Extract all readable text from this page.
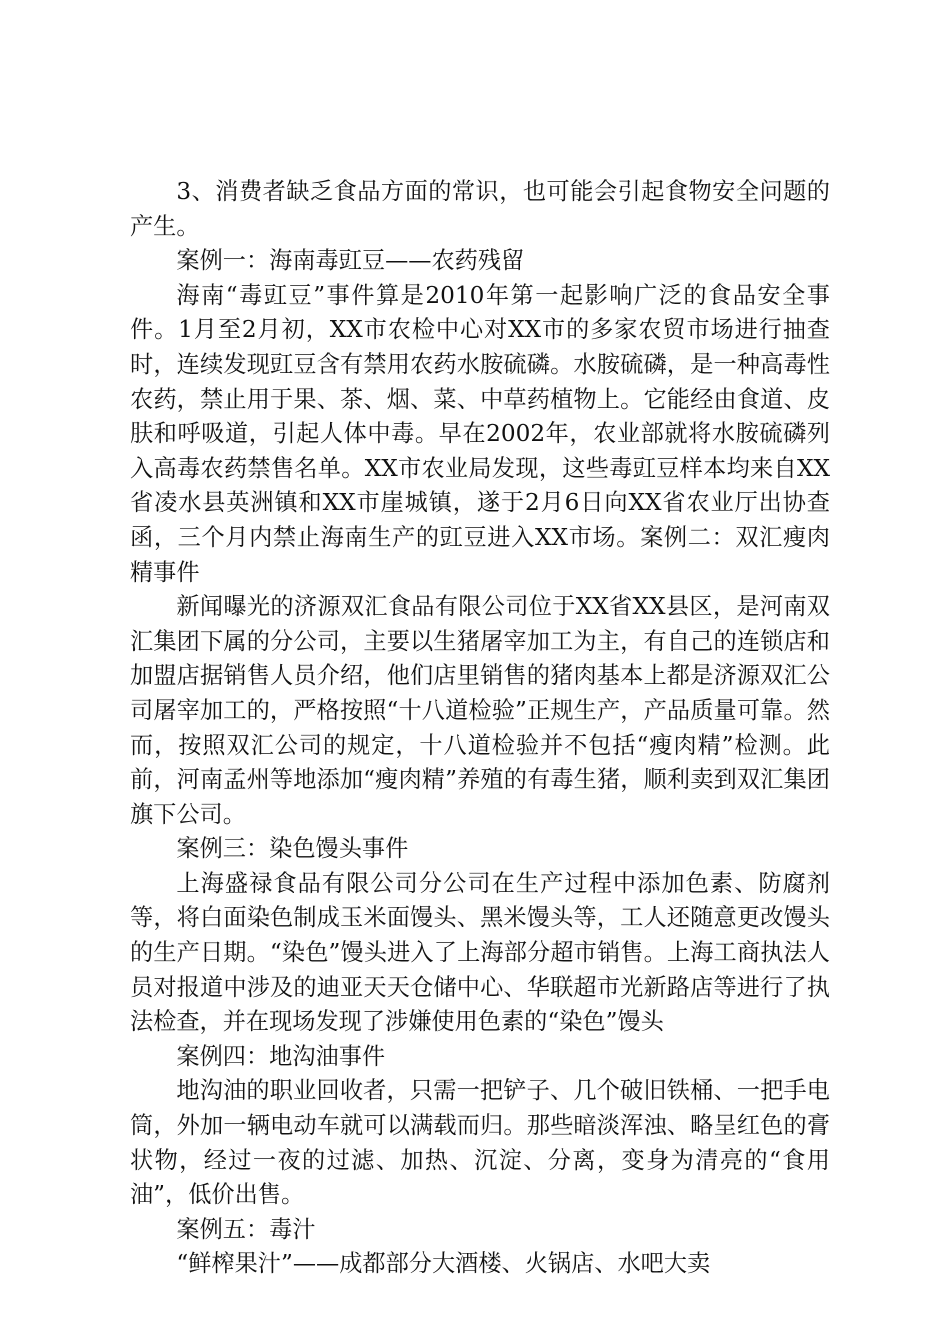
3、消费者缺乏食品方面的常识，也可能会引起食物安全问题的产生。

案例一：海南毒豇豆——农药残留

海南“毒豇豆”事件算是2010年第一起影响广泛的食品安全事件。1月至2月初，XX市农检中心对XX市的多家农贸市场进行抽查时，连续发现豇豆含有禁用农药水胺硫磷。水胺硫磷，是一种高毒性农药，禁止用于果、茶、烟、菜、中草药植物上。它能经由食道、皮肤和呼吸道，引起人体中毒。早在2002年，农业部就将水胺硫磷列入高毒农药禁售名单。XX市农业局发现，这些毒豇豆样本均来自XX省凌水县英洲镇和XX市崖城镇，遂于2月6日向XX省农业厅出协查函，三个月内禁止海南生产的豇豆进入XX市场。案例二：双汇瘦肉精事件

新闻曝光的济源双汇食品有限公司位于XX省XX县区，是河南双汇集团下属的分公司，主要以生猪屠宰加工为主，有自己的连锁店和加盟店据销售人员介绍，他们店里销售的猪肉基本上都是济源双汇公司屠宰加工的，严格按照“十八道检验”正规生产，产品质量可靠。然而，按照双汇公司的规定，十八道检验并不包括“瘦肉精”检测。此前，河南孟州等地添加“瘦肉精”养殖的有毒生猪，顺利卖到双汇集团旗下公司。

案例三：染色馒头事件

上海盛禄食品有限公司分公司在生产过程中添加色素、防腐剂等，将白面染色制成玉米面馒头、黑米馒头等，工人还随意更改馒头的生产日期。“染色”馒头进入了上海部分超市销售。上海工商执法人员对报道中涉及的迪亚天天仓储中心、华联超市光新路店等进行了执法检查，并在现场发现了涉嫌使用色素的“染色”馒头

案例四：地沟油事件

地沟油的职业回收者，只需一把铲子、几个破旧铁桶、一把手电筒，外加一辆电动车就可以满载而归。那些暗淡浑浊、略呈红色的膏状物，经过一夜的过滤、加热、沉淀、分离，变身为清亮的“食用油”，低价出售。

案例五：毒汁

“鲜榨果汁”——成都部分大酒楼、火锅店、水吧大卖
